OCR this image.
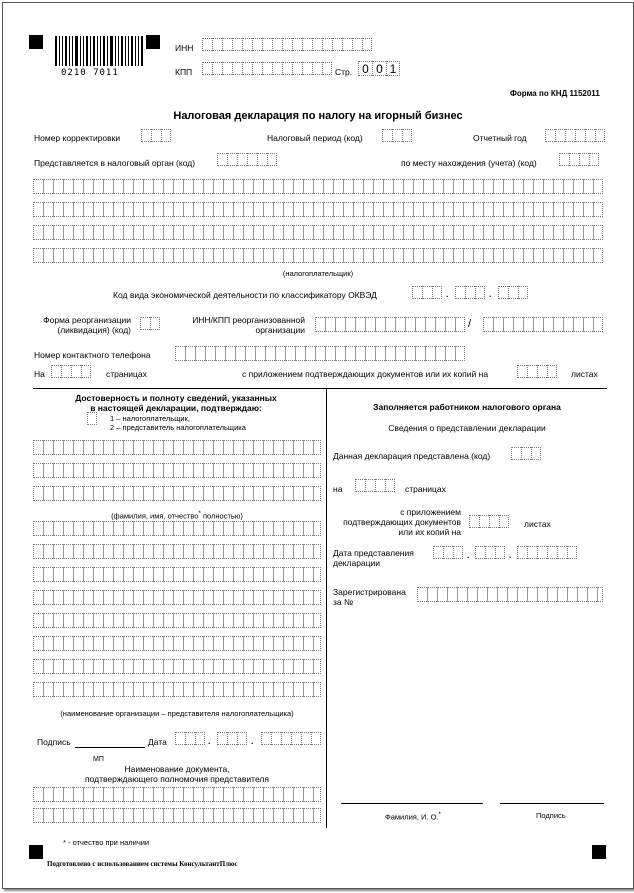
0210 7011
ИНН
КПП	Стр. 0 0 1
Форма по КНД 1152011
Налоговая декларация по налогу на игорный бизнес
Номер корректировки	Налоговый период (код)	Отчетный год
Представляется в налоговый орган (код)	по месту нахождения (учета) (код)
(налогоплательщик)
Код вида экономической деятельности по классификатору ОКВЭД	.	.
Форма реорганизации
(ликвидация) (код)
ИНН/КПП реорганизованной
организации	/
Номер контактного телефона
На	страницах	с приложением подтверждающих документов или их копий на	листах
Достоверность и полноту сведений, указанных
в настоящей декларации, подтверждаю:
1 – налогоплательщик,
2 – представитель налогоплательщика
(фамилия, имя, отчество* полностью)
(наименование организации – представителя налогоплательщика)
Подпись	Дата	.	.
МП
Наименование документа,
подтверждающего полномочия представителя
* - отчество при наличии
Заполняется работником налогового органа
Сведения о представлении декларации
Данная декларация представлена (код)
на	страницах
с приложением
подтверждающих документов
или их копий на
листах
Дата представления
декларации
.	.
Зарегистрирована
за №
Фамилия, И. О.*	Подпись
Подготовлено с использованием системы КонсультантПлюс
